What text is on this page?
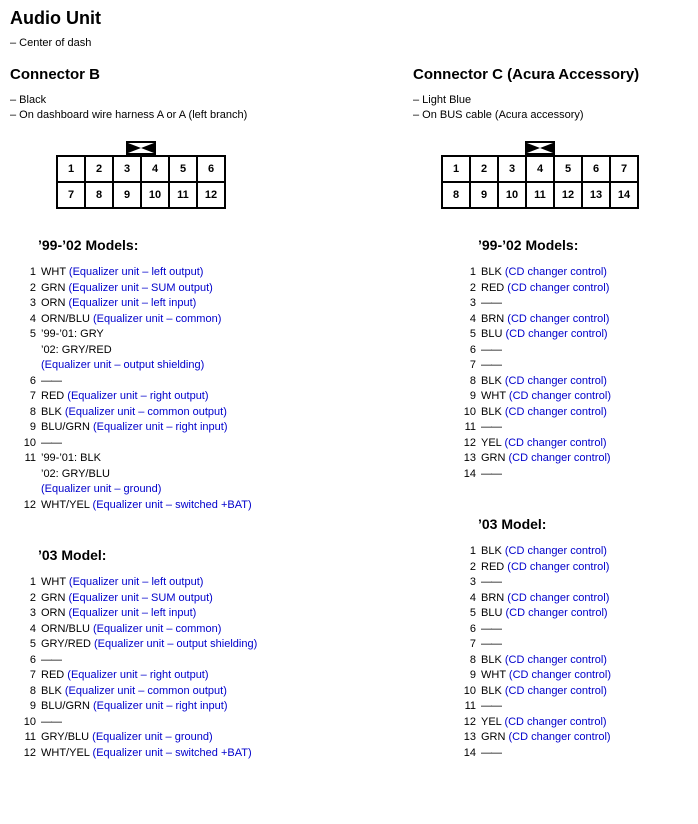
Audio Unit
– Center of dash
Connector B
– Black
– On dashboard wire harness A or A (left branch)
1	2	3	4	5	6
7	8	9	10	11	12
’99-’02 Models:
1 WHT (Equalizer unit – left output)
2 GRN (Equalizer unit – SUM output)
3 ORN (Equalizer unit – left input)
4 ORN/BLU (Equalizer unit – common)
5 ’99-’01: GRY
’02: GRY/RED
(Equalizer unit – output shielding)
6 ——
7 RED (Equalizer unit – right output)
8 BLK (Equalizer unit – common output)
9 BLU/GRN (Equalizer unit – right input)
10 ——
11 ’99-’01: BLK
’02: GRY/BLU
(Equalizer unit – ground)
12 WHT/YEL (Equalizer unit – switched +BAT)
’03 Model:
1 WHT (Equalizer unit – left output)
2 GRN (Equalizer unit – SUM output)
3 ORN (Equalizer unit – left input)
4 ORN/BLU (Equalizer unit – common)
5 GRY/RED (Equalizer unit – output shielding)
6 ——
7 RED (Equalizer unit – right output)
8 BLK (Equalizer unit – common output)
9 BLU/GRN (Equalizer unit – right input)
10 ——
11 GRY/BLU (Equalizer unit – ground)
12 WHT/YEL (Equalizer unit – switched +BAT)
Connector C (Acura Accessory)
– Light Blue
– On BUS cable (Acura accessory)
1	2	3	4	5	6	7
8	9	10	11	12	13	14
’99-’02 Models:
1 BLK (CD changer control)
2 RED (CD changer control)
3 ——
4 BRN (CD changer control)
5 BLU (CD changer control)
6 ——
7 ——
8 BLK (CD changer control)
9 WHT (CD changer control)
10 BLK (CD changer control)
11 ——
12 YEL (CD changer control)
13 GRN (CD changer control)
14 ——
’03 Model:
1 BLK (CD changer control)
2 RED (CD changer control)
3 ——
4 BRN (CD changer control)
5 BLU (CD changer control)
6 ——
7 ——
8 BLK (CD changer control)
9 WHT (CD changer control)
10 BLK (CD changer control)
11 ——
12 YEL (CD changer control)
13 GRN (CD changer control)
14 ——
